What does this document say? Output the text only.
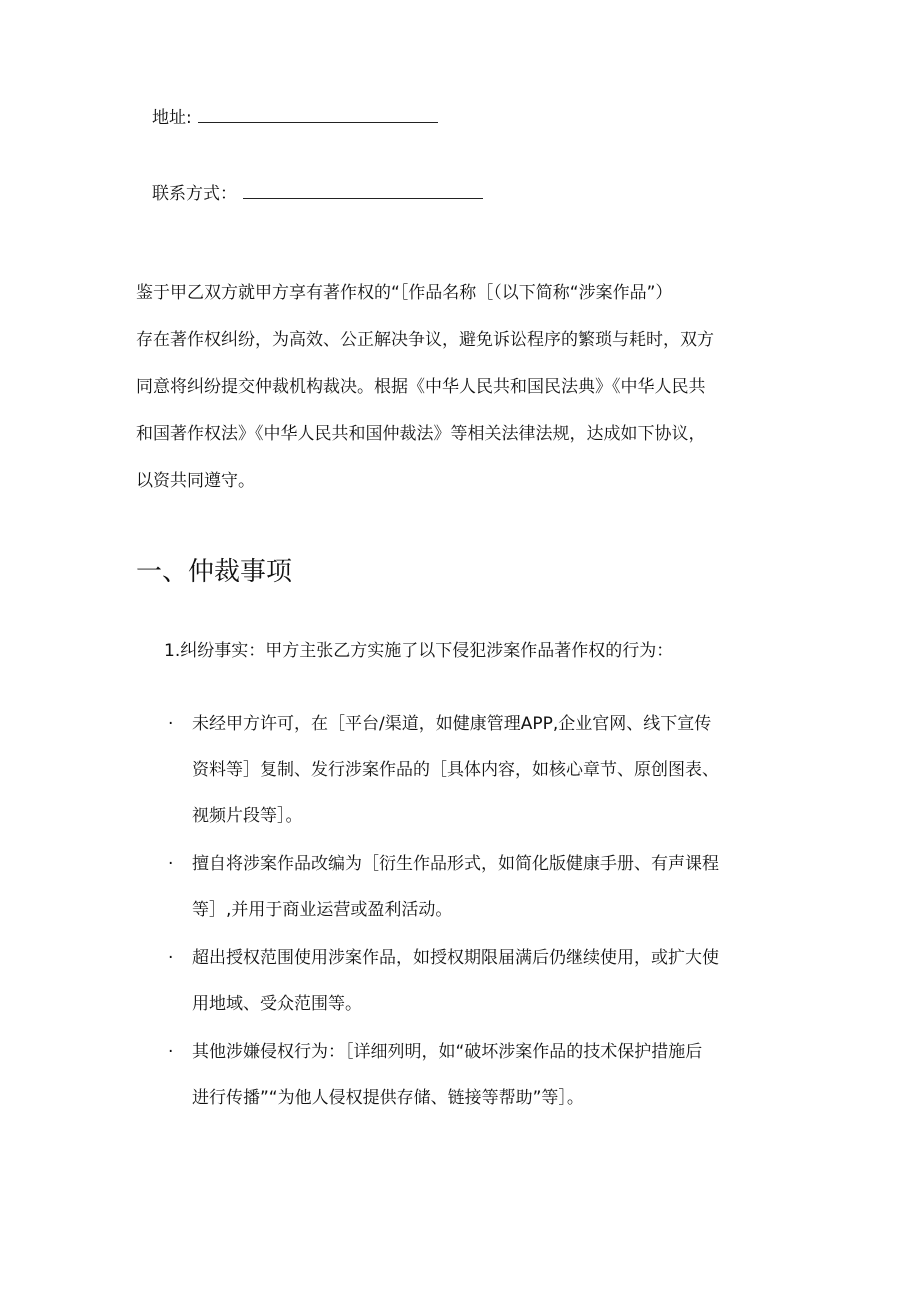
地址:
联系方式：
鉴于甲乙双方就甲方享有著作权的“［作品名称［（以下简称“涉案作品”）
存在著作权纠纷，为高效、公正解决争议，避免诉讼程序的繁琐与耗时，双方
同意将纠纷提交仲裁机构裁决。根据《中华人民共和国民法典》《中华人民共
和国著作权法》《中华人民共和国仲裁法》等相关法律法规，达成如下协议，
以资共同遵守。
一、仲裁事项
1.纠纷事实：甲方主张乙方实施了以下侵犯涉案作品著作权的行为：
· 未经甲方许可，在［平台/渠道，如健康管理APP,企业官网、线下宣传
资料等］复制、发行涉案作品的［具体内容，如核心章节、原创图表、
视频片段等］。
· 擅自将涉案作品改编为［衍生作品形式，如简化版健康手册、有声课程
等］,并用于商业运营或盈利活动。
· 超出授权范围使用涉案作品，如授权期限届满后仍继续使用，或扩大使
用地域、受众范围等。
· 其他涉嫌侵权行为：［详细列明，如“破坏涉案作品的技术保护措施后
进行传播”“为他人侵权提供存储、链接等帮助”等］。
